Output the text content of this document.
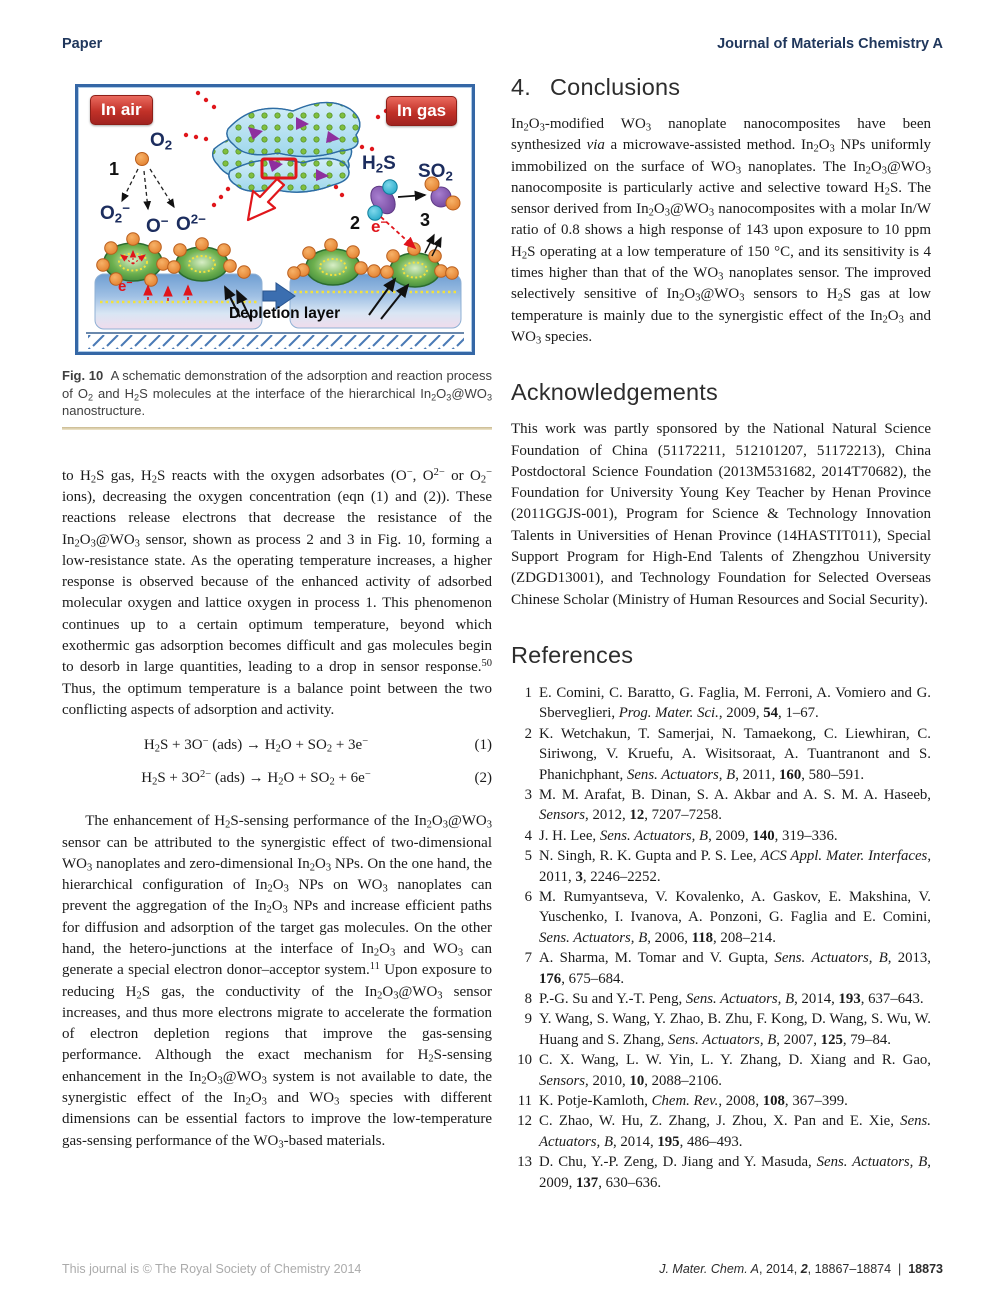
Paper	Journal of Materials Chemistry A
In air	In gas
$O_2$
1
$O_2^-$
O− $O^{2-}$
$H_2S$ $SO_2$
2 e− 3
e−
Depletion layer
Fig. 10  A schematic demonstration of the adsorption and reaction process of $O_2$ and $H_2S$ molecules at the interface of the hierarchical $In_2O_3@WO_3$ nanostructure.

to $H_2S$ gas, $H_2S$ reacts with the oxygen adsorbates (O−, $O^{2-}$ or $O_2^-$ ions), decreasing the oxygen concentration (eqn (1) and (2)). These reactions release electrons that decrease the resistance of the $In_2O_3@WO_3$ sensor, shown as process 2 and 3 in Fig. 10, forming a low-resistance state. As the operating temperature increases, a higher response is observed because of the enhanced activity of adsorbed molecular oxygen and lattice oxygen in process 1. This phenomenon continues up to a certain optimum temperature, beyond which exothermic gas adsorption becomes difficult and gas molecules begin to desorb in large quantities, leading to a drop in sensor response.$^{50}$ Thus, the optimum temperature is a balance point between the two conflicting aspects of adsorption and activity.

$H_2S + 3O^-$ $(ads) \to H_2O + SO_2 + 3e^-$	(1)
$H_2S + 3O^{2-}$ $(ads) \to H_2O + SO_2 + 6e^-$	(2)

The enhancement of $H_2S$-sensing performance of the $In_2O_3@WO_3$ sensor can be attributed to the synergistic effect of two-dimensional $WO_3$ nanoplates and zero-dimensional $In_2O_3$ NPs. On the one hand, the hierarchical configuration of $In_2O_3$ NPs on $WO_3$ nanoplates can prevent the aggregation of the $In_2O_3$ NPs and increase efficient paths for diffusion and adsorption of the target gas molecules. On the other hand, the hetero-junctions at the interface of $In_2O_3$ and $WO_3$ can generate a special electron donor–acceptor system.$^{11}$ Upon exposure to reducing $H_2S$ gas, the conductivity of the $In_2O_3@WO_3$ sensor increases, and thus more electrons migrate to accelerate the formation of electron depletion regions that improve the gas-sensing performance. Although the exact mechanism for $H_2S$-sensing enhancement in the $In_2O_3@WO_3$ system is not available to date, the synergistic effect of the $In_2O_3$ and $WO_3$ species with different dimensions can be essential factors to improve the low-temperature gas-sensing performance of the $WO_3$-based materials.

4. Conclusions

$In_2O_3$-modified $WO_3$ nanoplate nanocomposites have been synthesized via a microwave-assisted method. $In_2O_3$ NPs uniformly immobilized on the surface of $WO_3$ nanoplates. The $In_2O_3@WO_3$ nanocomposite is particularly active and selective toward $H_2S$. The sensor derived from $In_2O_3@WO_3$ nanocomposites with a molar In/W ratio of 0.8 shows a high response of 143 upon exposure to 10 ppm $H_2S$ operating at a low temperature of 150 °C, and its sensitivity is 4 times higher than that of the $WO_3$ nanoplates sensor. The improved selectively sensitive of $In_2O_3@WO_3$ sensors to $H_2S$ gas at low temperature is mainly due to the synergistic effect of the $In_2O_3$ and $WO_3$ species.

Acknowledgements

This work was partly sponsored by the National Natural Science Foundation of China (51172211, 512101207, 51172213), China Postdoctoral Science Foundation (2013M531682, 2014T70682), the Foundation for University Young Key Teacher by Henan Province (2011GGJS-001), Program for Science & Technology Innovation Talents in Universities of Henan Province (14HASTIT011), Special Support Program for High-End Talents of Zhengzhou University (ZDGD13001), and Technology Foundation for Selected Overseas Chinese Scholar (Ministry of Human Resources and Social Security).

References
1 E. Comini, C. Baratto, G. Faglia, M. Ferroni, A. Vomiero and G. Sberveglieri, Prog. Mater. Sci., 2009, 54, 1–67.
2 K. Wetchakun, T. Samerjai, N. Tamaekong, C. Liewhiran, C. Siriwong, V. Kruefu, A. Wisitsoraat, A. Tuantranont and S. Phanichphant, Sens. Actuators, B, 2011, 160, 580–591.
3 M. M. Arafat, B. Dinan, S. A. Akbar and A. S. M. A. Haseeb, Sensors, 2012, 12, 7207–7258.
4 J. H. Lee, Sens. Actuators, B, 2009, 140, 319–336.
5 N. Singh, R. K. Gupta and P. S. Lee, ACS Appl. Mater. Interfaces, 2011, 3, 2246–2252.
6 M. Rumyantseva, V. Kovalenko, A. Gaskov, E. Makshina, V. Yuschenko, I. Ivanova, A. Ponzoni, G. Faglia and E. Comini, Sens. Actuators, B, 2006, 118, 208–214.
7 A. Sharma, M. Tomar and V. Gupta, Sens. Actuators, B, 2013, 176, 675–684.
8 P.-G. Su and Y.-T. Peng, Sens. Actuators, B, 2014, 193, 637–643.
9 Y. Wang, S. Wang, Y. Zhao, B. Zhu, F. Kong, D. Wang, S. Wu, W. Huang and S. Zhang, Sens. Actuators, B, 2007, 125, 79–84.
10 C. X. Wang, L. W. Yin, L. Y. Zhang, D. Xiang and R. Gao, Sensors, 2010, 10, 2088–2106.
11 K. Potje-Kamloth, Chem. Rev., 2008, 108, 367–399.
12 C. Zhao, W. Hu, Z. Zhang, J. Zhou, X. Pan and E. Xie, Sens. Actuators, B, 2014, 195, 486–493.
13 D. Chu, Y.-P. Zeng, D. Jiang and Y. Masuda, Sens. Actuators, B, 2009, 137, 630–636.
This journal is © The Royal Society of Chemistry 2014	J. Mater. Chem. A, 2014, 2, 18867–18874  |  18873
